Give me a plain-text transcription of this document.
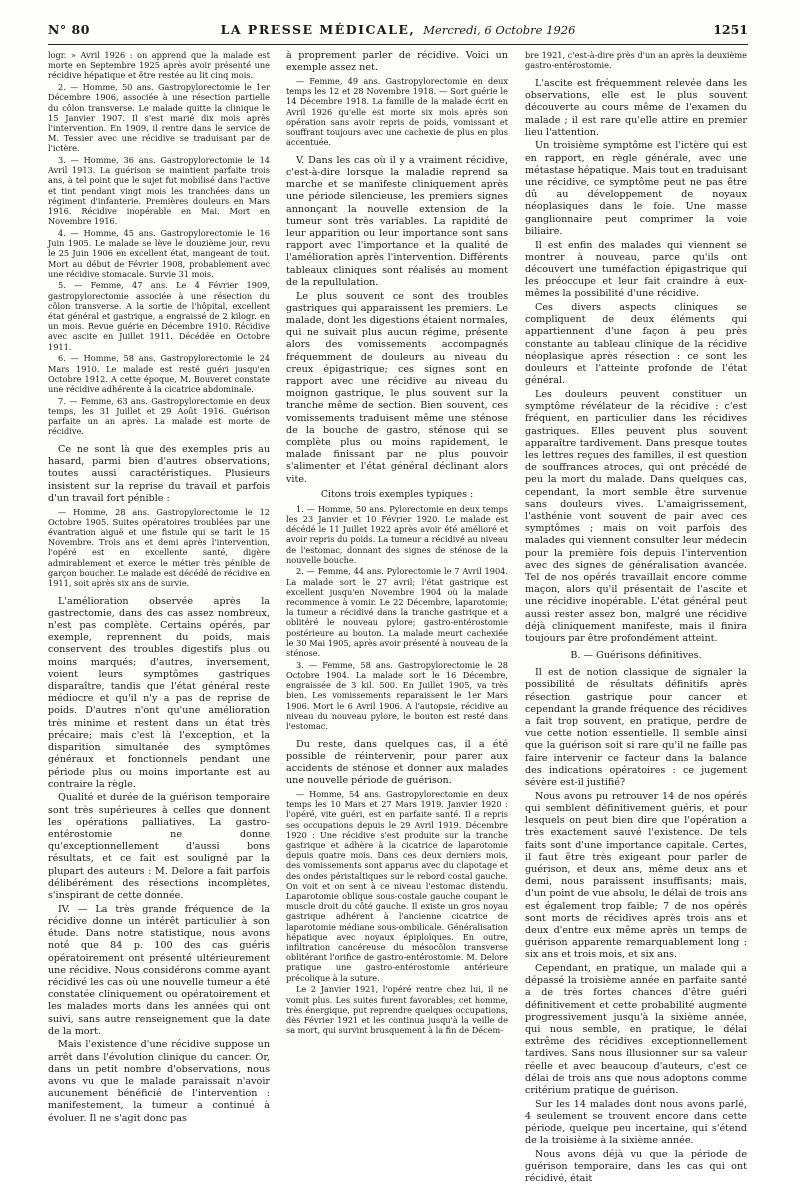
N° 80	LA PRESSE MÉDICALE, Mercredi, 6 Octobre 1926	1251

logr. » Avril 1926 : on apprend que la malade est morte en Septembre 1925 après avoir présenté une récidive hépatique et être restée au lit cinq mois.

2. — Homme, 50 ans. Gastropylorectomie le 1er Décembre 1906, associée à une résection partielle du côlon transverse. Le malade quitte la clinique le 15 Janvier 1907. Il s'est marié dix mois après l'intervention. En 1909, il rentre dans le service de M. Tessier avec une récidive se traduisant par de l'ictère.

3. — Homme, 36 ans. Gastropylorectomie le 14 Avril 1913. La guérison se maintient parfaite trois ans, à tel point que le sujet fut mobilisé dans l'active et tint pendant vingt mois les tranchées dans un régiment d'infanterie. Premières douleurs en Mars 1916. Récidive inopérable en Mai. Mort en Novembre 1916.

4. — Homme, 45 ans. Gastropylorectomie le 16 Juin 1905. Le malade se lève le douzième jour, revu le 25 Juin 1906 en excellent état, mangeant de tout. Mort au début de Février 1908, probablement avec une récidive stomacale. Survie 31 mois.

5. — Femme, 47 ans. Le 4 Février 1909, gastropylorectomie associée à une résection du côlon transverse. A la sortie de l'hôpital, excellent état général et gastrique, a engraissé de 2 kilogr. en un mois. Revue guérie en Décembre 1910. Récidive avec ascite en Juillet 1911. Décédée en Octobre 1911.

6. — Homme, 58 ans. Gastropylorectomie le 24 Mars 1910. Le malade est resté guéri jusqu'en Octobre 1912. A cette époque, M. Bouveret constate une récidive adhérente à la cicatrice abdominale.

7. — Femme, 63 ans. Gastropylorectomie en deux temps, les 31 Juillet et 29 Août 1916. Guérison parfaite un an après. La malade est morte de récidive.

Ce ne sont là que des exemples pris au hasard, parmi bien d'autres observations, toutes aussi caractéristiques. Plusieurs insistent sur la reprise du travail et parfois d'un travail fort pénible :

— Homme, 28 ans. Gastropylorectomie le 12 Octobre 1905. Suites opératoires troublées par une évantration aiguë et une fistule qui se tarit le 15 Novembre. Trois ans et demi après l'intervention, l'opéré est en excellente santé, digère admirablement et exerce le métier très pénible de garçon boucher. Le malade est décédé de récidive en 1911, soit après six ans de survie.

L'amélioration observée après la gastrectomie, dans des cas assez nombreux, n'est pas complète. Certains opérés, par exemple, reprennent du poids, mais conservent des troubles digestifs plus ou moins marqués; d'autres, inversement, voient leurs symptômes gastriques disparaître, tandis que l'état général reste médiocre et qu'il n'y a pas de reprise de poids. D'autres n'ont qu'une amélioration très minime et restent dans un état très précaire; mais c'est là l'exception, et la disparition simultanée des symptômes généraux et fonctionnels pendant une période plus ou moins importante est au contraire la règle.

Qualité et durée de la guérison temporaire sont très supérieures à celles que donnent les opérations palliatives. La gastro-entérostomie ne donne qu'exceptionnellement d'aussi bons résultats, et ce fait est souligné par la plupart des auteurs : M. Delore a fait parfois délibérément des résections incomplètes, s'inspirant de cette donnée.

IV. — La très grande fréquence de la récidive donne un intérêt particulier à son étude. Dans notre statistique, nous avons noté que 84 p. 100 des cas guéris opératoirement ont présenté ultérieurement une récidive. Nous considérons comme ayant récidivé les cas où une nouvelle tumeur a été constatée cliniquement ou opératoirement et les malades morts dans les années qui ont suivi, sans autre renseignement que la date de la mort.

Mais l'existence d'une récidive suppose un arrêt dans l'évolution clinique du cancer. Or, dans un petit nombre d'observations, nous avons vu que le malade paraissait n'avoir aucunement bénéficié de l'intervention : manifestement, la tumeur a continué à évoluer. Il ne s'agit donc pas

à proprement parler de récidive. Voici un exemple assez net.

— Femme, 49 ans. Gastropylorectomie en deux temps les 12 et 28 Novembre 1918. — Sort guérie le 14 Décembre 1918. La famille de la malade écrit en Avril 1926 qu'elle est morte six mois après son opération sans avoir repris de poids, vomissant et souffrant toujours avec une cachexie de plus en plus accentuée.

V. Dans les cas où il y a vraiment récidive, c'est-à-dire lorsque la maladie reprend sa marche et se manifeste cliniquement après une période silencieuse, les premiers signes annonçant la nouvelle extension de la tumeur sont très variables. La rapidité de leur apparition ou leur importance sont sans rapport avec l'importance et la qualité de l'amélioration après l'intervention. Différents tableaux cliniques sont réalisés au moment de la repullulation.

Le plus souvent ce sont des troubles gastriques qui apparaissent les premiers. Le malade, dont les digestions étaient normales, qui ne suivait plus aucun régime, présente alors des vomissements accompagnés fréquemment de douleurs au niveau du creux épigastrique; ces signes sont en rapport avec une récidive au niveau du moignon gastrique, le plus souvent sur la tranche même de section. Bien souvent, ces vomissements traduisent même une sténose de la bouche de gastro, sténose qui se complète plus ou moins rapidement, le malade finissant par ne plus pouvoir s'alimenter et l'état général déclinant alors vite.

Citons trois exemples typiques :

1. — Homme, 50 ans. Pylorectomie en deux temps les 23 Janvier et 10 Février 1920. Le malade est décédé le 11 Juillet 1922 après avoir été amélioré et avoir repris du poids. La tumeur a récidivé au niveau de l'estomac, donnant des signes de sténose de la nouvelle bouche.

2. — Femme, 44 ans. Pylorectomie le 7 Avril 1904. La malade sort le 27 avril; l'état gastrique est excellent jusqu'en Novembre 1904 où la malade recommence à vomir. Le 22 Décembre, laparotomie; la tumeur a récidivé dans la tranche gastrique et a oblitéré le nouveau pylore; gastro-entérostomie postérieure au bouton. La malade meurt cachexiée le 30 Mai 1905, après avoir présenté à nouveau de la sténose.

3. — Femme, 58 ans. Gastropylorectomie le 28 Octobre 1904. La malade sort le 16 Décembre, engraissée de 3 kil. 500. En Juillet 1905, va très bien. Les vomissements reparaissent le 1er Mars 1906. Mort le 6 Avril 1906. A l'autopsie, récidive au niveau du nouveau pylore, le bouton est resté dans l'estomac.

Du reste, dans quelques cas, il a été possible de réintervenir, pour parer aux accidents de sténose et donner aux malades une nouvelle période de guérison.

— Homme, 54 ans. Gastropylorectomie en deux temps les 10 Mars et 27 Mars 1919. Janvier 1920 : l'opéré, vite guéri, est en parfaite santé. Il a repris ses occupations depuis le 29 Avril 1919. Décembre 1920 : Une récidive s'est produite sur la tranche gastrique et adhère à la cicatrice de laparotomie depuis quatre mois. Dans ces deux derniers mois, des vomissements sont apparus avec du clapotage et des ondes péristaltiques sur le rebord costal gauche. On voit et on sent à ce niveau l'estomac distendu. Laparotomie oblique sous-costale gauche coupant le muscle droit du côté gauche. Il existe un gros noyau gastrique adhérent à l'ancienne cicatrice de laparotomie médiane sous-ombilicale. Généralisation hépatique avec noyaux épiploïques. En outre, infiltration cancéreuse du mésocôlon transverse oblitérant l'orifice de gastro-entérostomie. M. Delore pratique une gastro-entérostomie antérieure précolique à la suture.

Le 2 Janvier 1921, l'opéré rentre chez lui, il ne vomit plus. Les suites furent favorables; cet homme, très énergique, put reprendre quelques occupations, dès Février 1921 et les continua jusqu'à la veille de sa mort, qui survint brusquement à la fin de Décem-

bre 1921, c'est-à-dire près d'un an après la deuxième gastro-entérostomie.

L'ascite est fréquemment relevée dans les observations, elle est le plus souvent découverte au cours même de l'examen du malade ; il est rare qu'elle attire en premier lieu l'attention.

Un troisième symptôme est l'ictère qui est en rapport, en règle générale, avec une métastase hépatique. Mais tout en traduisant une récidive, ce symptôme peut ne pas être dû au développement de noyaux néoplasiques dans le foie. Une masse ganglionnaire peut comprimer la voie biliaire.

Il est enfin des malades qui viennent se montrer à nouveau, parce qu'ils ont découvert une tuméfaction épigastrique qui les préoccupe et leur fait craindre à eux-mêmes la possibilité d'une récidive.

Ces divers aspects cliniques se compliquent de deux éléments qui appartiennent d'une façon à peu près constante au tableau clinique de la récidive néoplasique après résection : ce sont les douleurs et l'atteinte profonde de l'état général.

Les douleurs peuvent constituer un symptôme révélateur de la récidive : c'est fréquent, en particulier dans les récidives gastriques. Elles peuvent plus souvent apparaître tardivement. Dans presque toutes les lettres reçues des familles, il est question de souffrances atroces, qui ont précédé de peu la mort du malade. Dans quelques cas, cependant, la mort semble être survenue sans douleurs vives. L'amaigrissement, l'asthénie vont souvent de pair avec ces symptômes ; mais on voit parfois des malades qui viennent consulter leur médecin pour la première fois depuis l'intervention avec des signes de généralisation avancée. Tel de nos opérés travaillait encore comme maçon, alors qu'il présentait de l'ascite et une récidive inopérable. L'état général peut aussi rester assez bon, malgré une récidive déjà cliniquement manifeste, mais il finira toujours par être profondément atteint.

B. — Guérisons définitives.

Il est de notion classique de signaler la possibilité de résultats définitifs après résection gastrique pour cancer et cependant la grande fréquence des récidives a fait trop souvent, en pratique, perdre de vue cette notion essentielle. Il semble ainsi que la guérison soit si rare qu'il ne faille pas faire intervenir ce facteur dans la balance des indications opératoires : ce jugement sévère est-il justifié?

Nous avons pu retrouver 14 de nos opérés qui semblent définitivement guéris, et pour lesquels on peut bien dire que l'opération a très exactement sauvé l'existence. De tels faits sont d'une importance capitale. Certes, il faut être très exigeant pour parler de guérison, et deux ans, même deux ans et demi, nous paraissent insuffisants; mais, d'un point de vue absolu, le délai de trois ans est également trop faible; 7 de nos opérés sont morts de récidives après trois ans et deux d'entre eux même après un temps de guérison apparente remarquablement long : six ans et trois mois, et six ans.

Cependant, en pratique, un malade qui a dépassé la troisième année en parfaite santé a de très fortes chances d'être guéri définitivement et cette probabilité augmente progressivement jusqu'à la sixième année, qui nous semble, en pratique, le délai extrême des récidives exceptionnellement tardives. Sans nous illusionner sur sa valeur réelle et avec beaucoup d'auteurs, c'est ce délai de trois ans que nous adoptons comme critérium pratique de guérison.

Sur les 14 malades dont nous avons parlé, 4 seulement se trouvent encore dans cette période, quelque peu incertaine, qui s'étend de la troisième à la sixième année.

Nous avons déjà vu que la période de guérison temporaire, dans les cas qui ont récidivé, était
